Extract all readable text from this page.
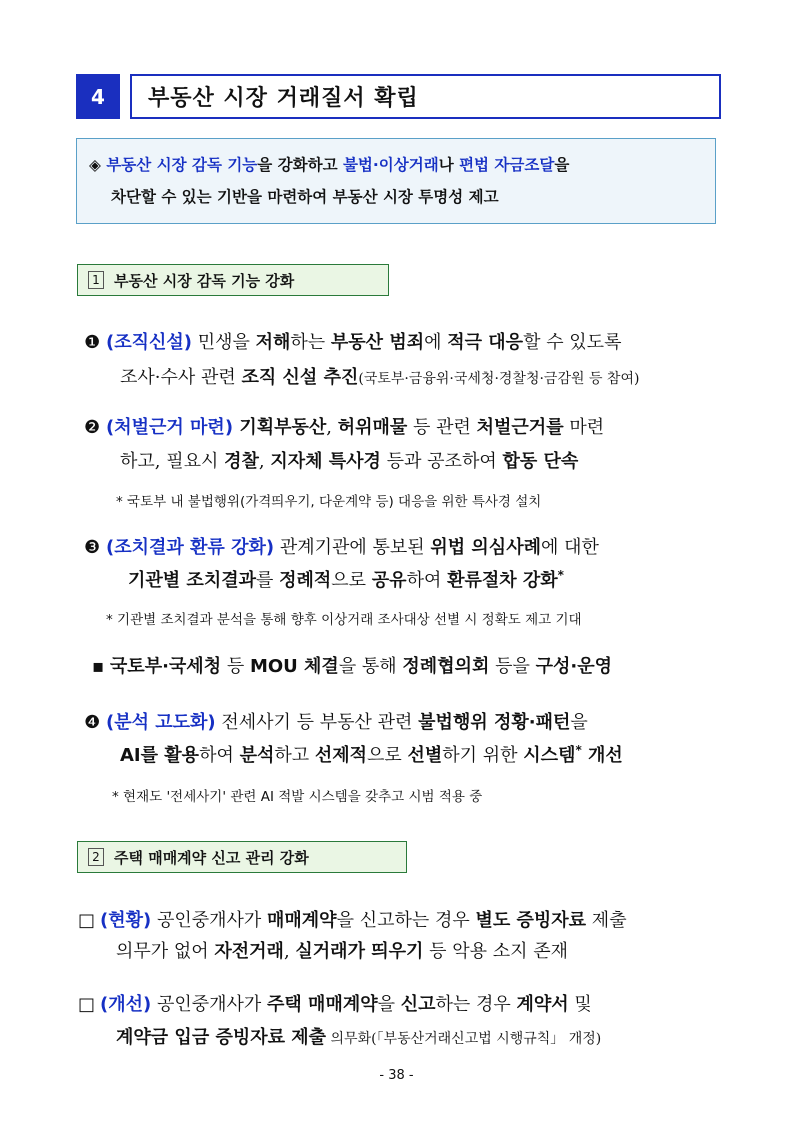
4	부동산 시장 거래질서 확립
◈ 부동산 시장 감독 기능을 강화하고 불법·이상거래나 편법 자금조달을
차단할 수 있는 기반을 마련하여 부동산 시장 투명성 제고
1 부동산 시장 감독 기능 강화
❶ (조직신설) 민생을 저해하는 부동산 범죄에 적극 대응할 수 있도록
조사·수사 관련 조직 신설 추진(국토부·금융위·국세청·경찰청·금감원 등 참여)
❷ (처벌근거 마련) 기획부동산, 허위매물 등 관련 처벌근거를 마련
하고, 필요시 경찰, 지자체 특사경 등과 공조하여 합동 단속
* 국토부 내 불법행위(가격띄우기, 다운계약 등) 대응을 위한 특사경 설치
❸ (조치결과 환류 강화) 관계기관에 통보된 위법 의심사례에 대한
기관별 조치결과를 정례적으로 공유하여 환류절차 강화*
* 기관별 조치결과 분석을 통해 향후 이상거래 조사대상 선별 시 정확도 제고 기대
▪ 국토부·국세청 등 MOU 체결을 통해 정례협의회 등을 구성·운영
❹ (분석 고도화) 전세사기 등 부동산 관련 불법행위 정황·패턴을
AI를 활용하여 분석하고 선제적으로 선별하기 위한 시스템* 개선
* 현재도 '전세사기' 관련 AI 적발 시스템을 갖추고 시범 적용 중
2 주택 매매계약 신고 관리 강화
□ (현황) 공인중개사가 매매계약을 신고하는 경우 별도 증빙자료 제출
의무가 없어 자전거래, 실거래가 띄우기 등 악용 소지 존재
□ (개선) 공인중개사가 주택 매매계약을 신고하는 경우 계약서 및
계약금 입금 증빙자료 제출 의무화(「부동산거래신고법 시행규칙」 개정)
- 38 -
